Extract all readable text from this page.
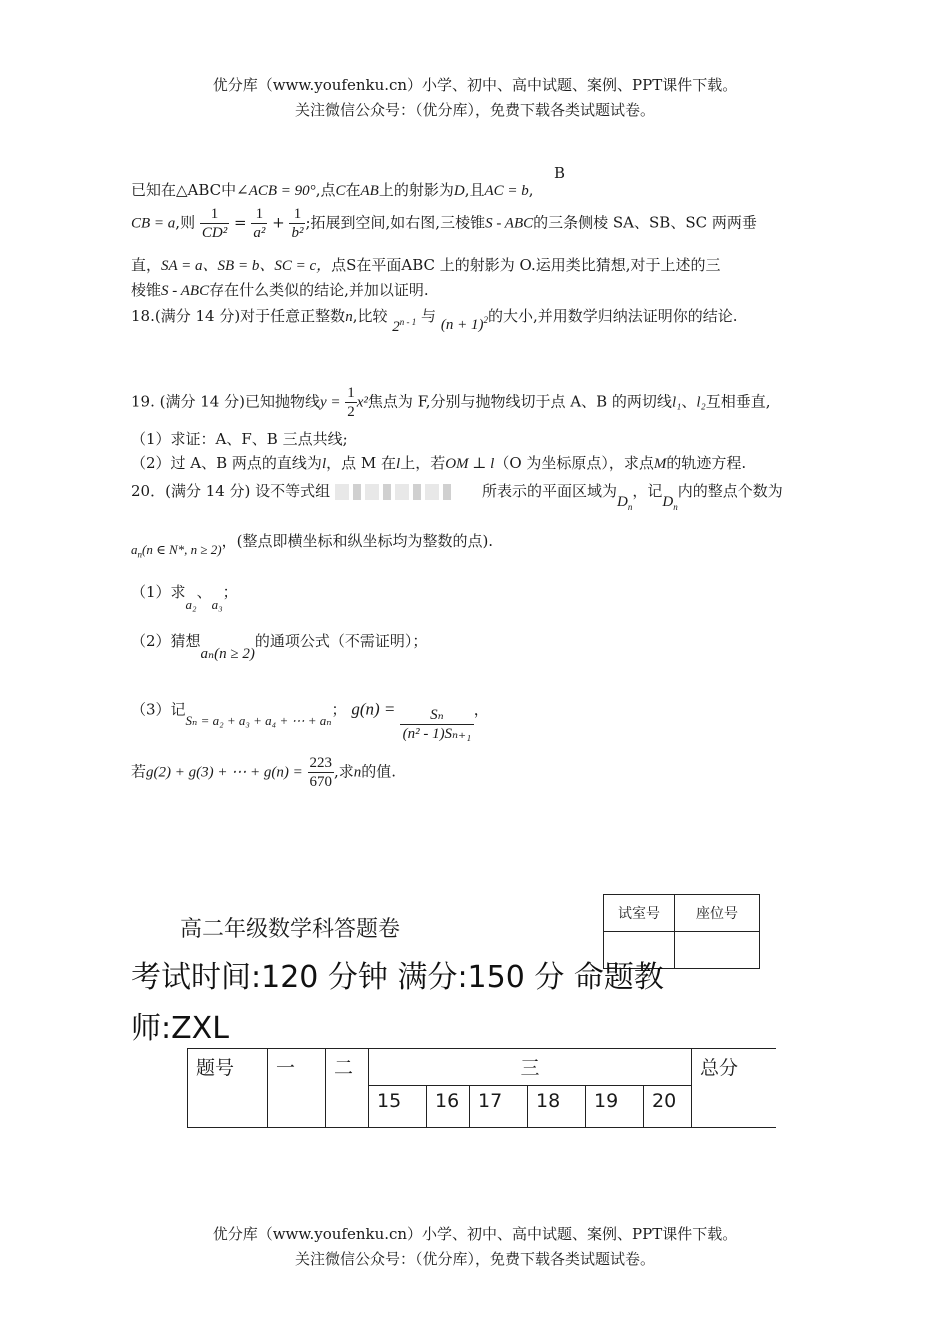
优分库（www.youfenku.cn）小学、初中、高中试题、案例、PPT课件下载。
关注微信公众号：（优分库），免费下载各类试题试卷。
B
已知在△ABC中∠ACB = 90°,点C在AB上的射影为D,且AC = b,
CB = a,则 $\frac{1}{\text{CD²}} = \frac{1}{\text{a²}} + \frac{1}{\text{b²}}$ ;拓展到空间,如右图,三棱锥S - ABC的三条侧棱 SA、SB、SC 两两垂
直，SA = a、SB = b、SC = c，点S在平面ABC 上的射影为 O.运用类比猜想,对于上述的三
棱锥S - ABC存在什么类似的结论,并加以证明.
18.(满分 14 分)对于任意正整数n,比较 2$^{n - 1}$ 与 $(n + 1)^2$的大小,并用数学归纳法证明你的结论.
19. (满分 14 分)已知抛物线$y = \frac{1}{2} x^2$焦点为 F,分别与抛物线切于点 A、B 的两切线l₁、l₂互相垂直,
（1）求证：A、F、B 三点共线;
（2）过 A、B 两点的直线为l，点 M 在l上，若OM ⊥ l（O 为坐标原点），求点M的轨迹方程.
20．(满分 14 分) 设不等式组	所表示的平面区域为$D_n$，记$D_n$内的整点个数为
$a_n(n$ ∈ N*, n ≥ 2)，(整点即横坐标和纵坐标均为整数的点).
（1）求a₂、a₃；
（2）猜想aₙ(n ≥ 2)的通项公式（不需证明）；
（3）记Sₙ = a₂ + a₃ + a₄ + ⋯ + aₙ； $g(n) = \frac{\text{Sₙ}}{\text{(n² - 1)Sₙ₊₁}}$ ，
若g(2) + g(3) + ⋯ + $g(n) = \frac{223}{670}$ ,求n的值.
高二年级数学科答题卷
试室号	座位号

考试时间:120 分钟 满分:150 分 命题教
师:ZXL
题号	一	二	三						总分
			15	16	17	18	19	20	
优分库（www.youfenku.cn）小学、初中、高中试题、案例、PPT课件下载。
关注微信公众号：（优分库），免费下载各类试题试卷。
